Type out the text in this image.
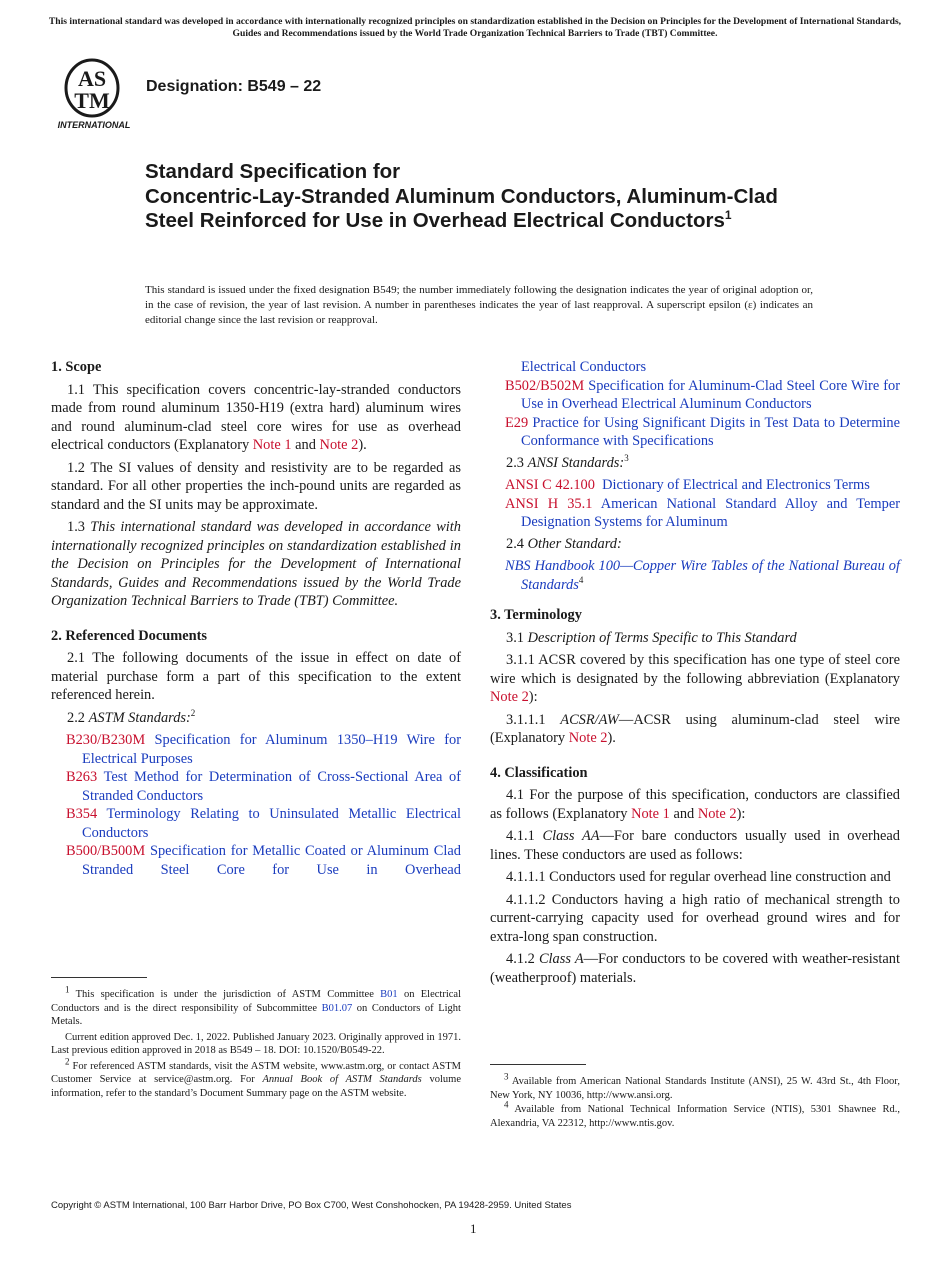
This international standard was developed in accordance with internationally recognized principles on standardization established in the Decision on Principles for the Development of International Standards, Guides and Recommendations issued by the World Trade Organization Technical Barriers to Trade (TBT) Committee.
AS
TM
INTERNATIONAL
Designation: B549 – 22
Standard Specification for
Concentric-Lay-Stranded Aluminum Conductors, Aluminum-Clad Steel Reinforced for Use in Overhead Electrical Conductors$^1$
This standard is issued under the fixed designation B549; the number immediately following the designation indicates the year of original adoption or, in the case of revision, the year of last revision. A number in parentheses indicates the year of last reapproval. A superscript epsilon (ε) indicates an editorial change since the last revision or reapproval.
1. Scope
1.1 This specification covers concentric-lay-stranded conductors made from round aluminum 1350-H19 (extra hard) aluminum wires and round aluminum-clad steel core wires for use as overhead electrical conductors (Explanatory Note 1 and Note 2).
1.2 The SI values of density and resistivity are to be regarded as standard. For all other properties the inch-pound units are regarded as standard and the SI units may be approximate.
1.3 This international standard was developed in accordance with internationally recognized principles on standardization established in the Decision on Principles for the Development of International Standards, Guides and Recommendations issued by the World Trade Organization Technical Barriers to Trade (TBT) Committee.
2. Referenced Documents
2.1 The following documents of the issue in effect on date of material purchase form a part of this specification to the extent referenced herein.
2.2 ASTM Standards:$^2$
B230/B230M Specification for Aluminum 1350–H19 Wire for Electrical Purposes
B263 Test Method for Determination of Cross-Sectional Area of Stranded Conductors
B354 Terminology Relating to Uninsulated Metallic Electrical Conductors
B500/B500M Specification for Metallic Coated or Aluminum Clad Stranded Steel Core for Use in Overhead
$^1$ This specification is under the jurisdiction of ASTM Committee B01 on Electrical Conductors and is the direct responsibility of Subcommittee B01.07 on Conductors of Light Metals.
Current edition approved Dec. 1, 2022. Published January 2023. Originally approved in 1971. Last previous edition approved in 2018 as B549 – 18. DOI: 10.1520/B0549-22.
$^2$ For referenced ASTM standards, visit the ASTM website, www.astm.org, or contact ASTM Customer Service at service@astm.org. For Annual Book of ASTM Standards volume information, refer to the standard’s Document Summary page on the ASTM website.
Electrical Conductors
B502/B502M Specification for Aluminum-Clad Steel Core Wire for Use in Overhead Electrical Aluminum Conductors
E29 Practice for Using Significant Digits in Test Data to Determine Conformance with Specifications
2.3 ANSI Standards:$^3$
ANSI C 42.100 Dictionary of Electrical and Electronics Terms
ANSI H 35.1 American National Standard Alloy and Temper Designation Systems for Aluminum
2.4 Other Standard:
NBS Handbook 100—Copper Wire Tables of the National Bureau of Standards$^4$
3. Terminology
3.1 Description of Terms Specific to This Standard
3.1.1 ACSR covered by this specification has one type of steel core wire which is designated by the following abbreviation (Explanatory Note 2):
3.1.1.1 ACSR/AW—ACSR using aluminum-clad steel wire (Explanatory Note 2).
4. Classification
4.1 For the purpose of this specification, conductors are classified as follows (Explanatory Note 1 and Note 2):
4.1.1 Class AA—For bare conductors usually used in overhead lines. These conductors are used as follows:
4.1.1.1 Conductors used for regular overhead line construction and
4.1.1.2 Conductors having a high ratio of mechanical strength to current-carrying capacity used for overhead ground wires and for extra-long span construction.
4.1.2 Class A—For conductors to be covered with weather-resistant (weatherproof) materials.
$^3$ Available from American National Standards Institute (ANSI), 25 W. 43rd St., 4th Floor, New York, NY 10036, http://www.ansi.org.
$^4$ Available from National Technical Information Service (NTIS), 5301 Shawnee Rd., Alexandria, VA 22312, http://www.ntis.gov.
Copyright © ASTM International, 100 Barr Harbor Drive, PO Box C700, West Conshohocken, PA 19428-2959. United States
1
